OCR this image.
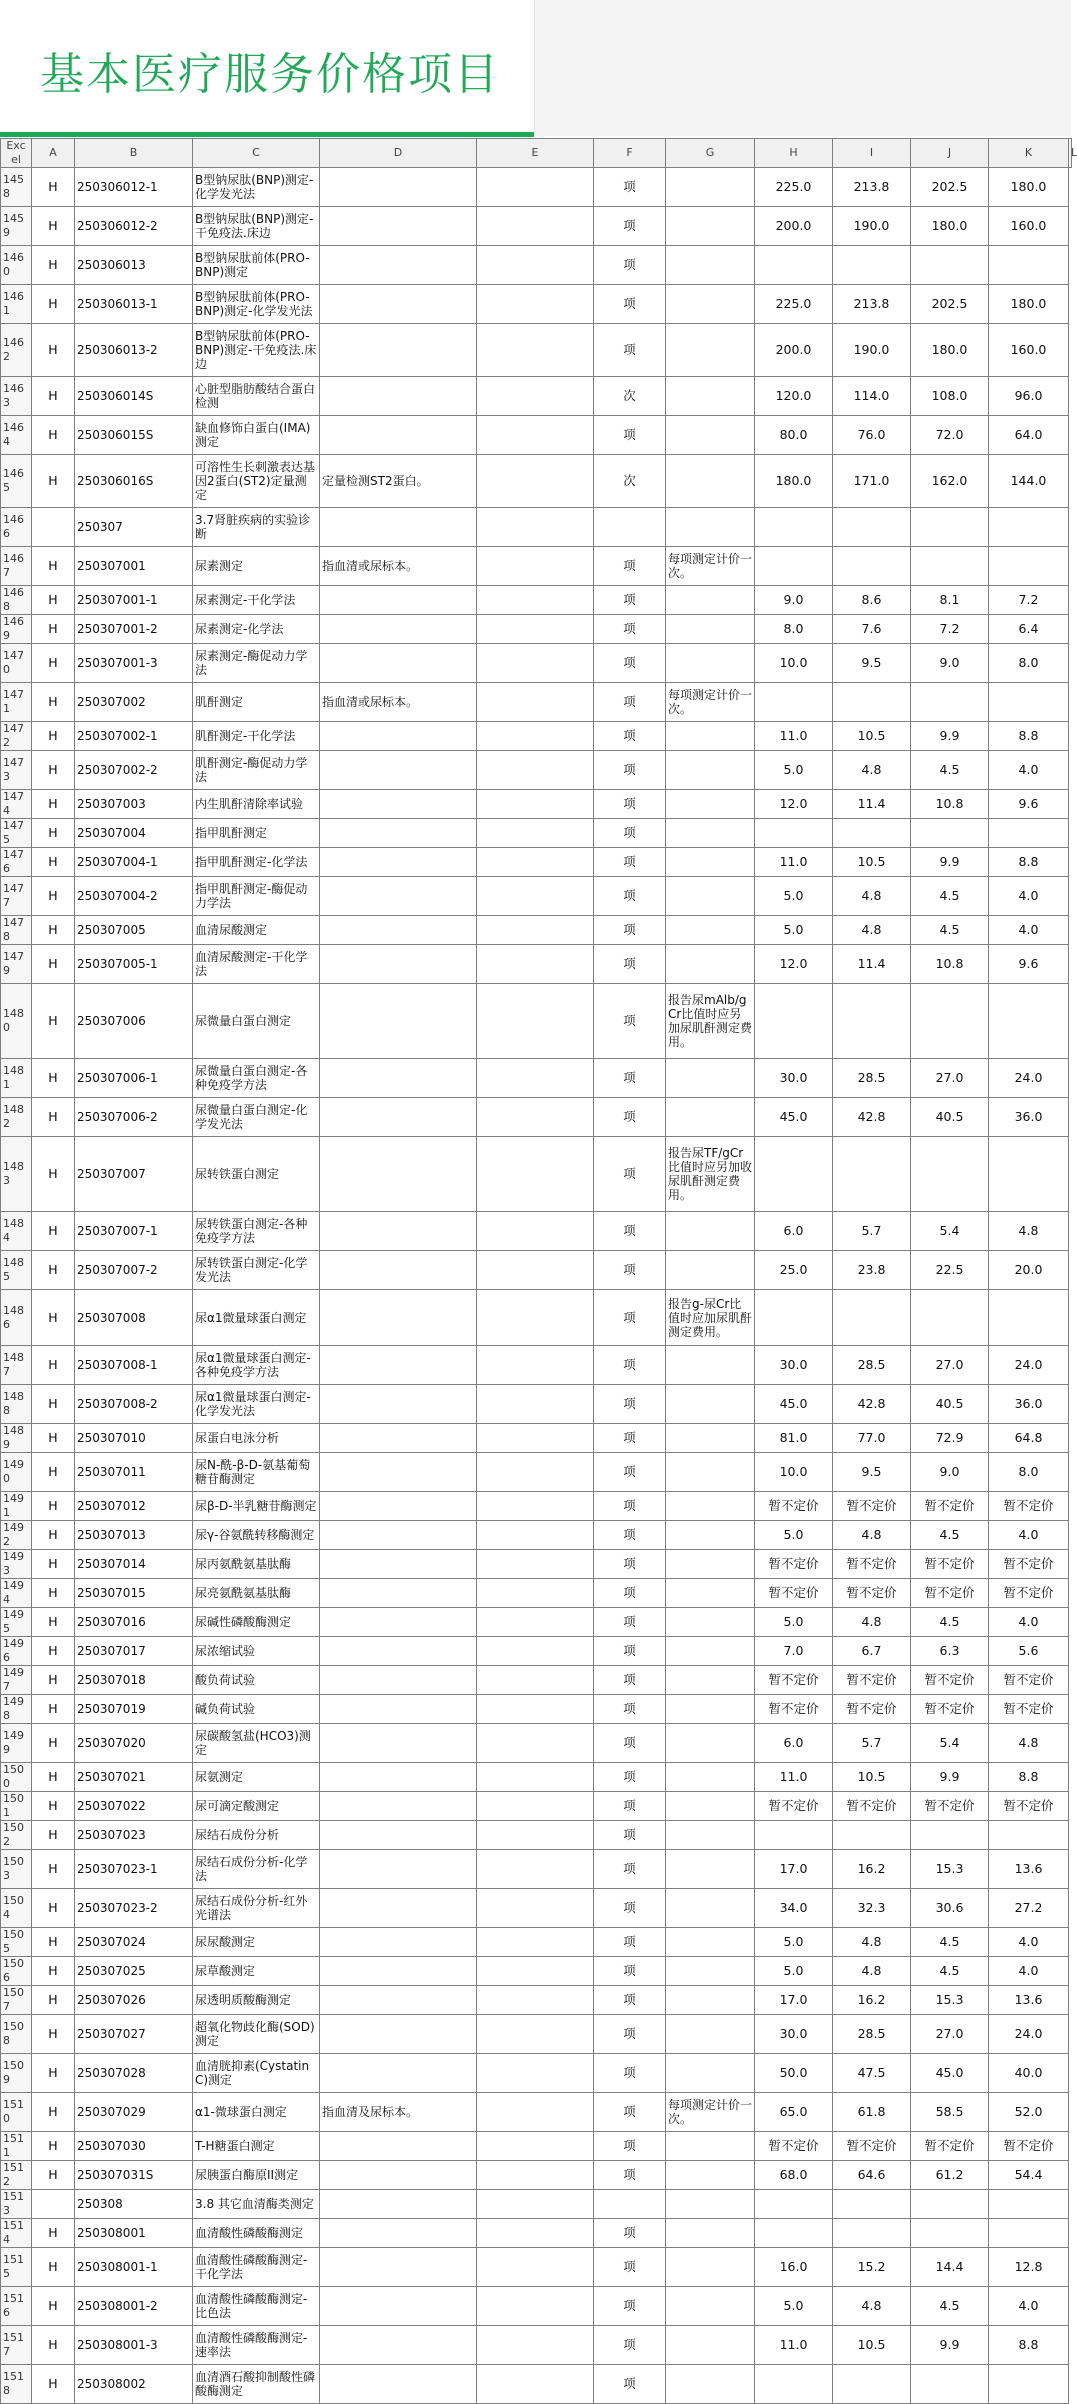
基本医疗服务价格项目
Excel	A	B	C	D	E	F	G	H	I	J	K	L
1458	H	250306012-1	B型钠尿肽(BNP)测定-化学发光法			项		225.0	213.8	202.5	180.0	
1459	H	250306012-2	B型钠尿肽(BNP)测定-干免疫法.床边			项		200.0	190.0	180.0	160.0	
1460	H	250306013	B型钠尿肽前体(PRO-BNP)测定			项						
1461	H	250306013-1	B型钠尿肽前体(PRO-BNP)测定-化学发光法			项		225.0	213.8	202.5	180.0	
1462	H	250306013-2	B型钠尿肽前体(PRO-BNP)测定-干免疫法.床边			项		200.0	190.0	180.0	160.0	
1463	H	250306014S	心脏型脂肪酸结合蛋白检测			次		120.0	114.0	108.0	96.0	
1464	H	250306015S	缺血修饰白蛋白(IMA)测定			项		80.0	76.0	72.0	64.0	
1465	H	250306016S	可溶性生长刺激表达基因2蛋白(ST2)定量测定	定量检测ST2蛋白。		次		180.0	171.0	162.0	144.0	
1466		250307	3.7肾脏疾病的实验诊断									
1467	H	250307001	尿素测定	指血清或尿标本。		项	每项测定计价一次。					
1468	H	250307001-1	尿素测定-干化学法			项		9.0	8.6	8.1	7.2	
1469	H	250307001-2	尿素测定-化学法			项		8.0	7.6	7.2	6.4	
1470	H	250307001-3	尿素测定-酶促动力学法			项		10.0	9.5	9.0	8.0	
1471	H	250307002	肌酐测定	指血清或尿标本。		项	每项测定计价一次。					
1472	H	250307002-1	肌酐测定-干化学法			项		11.0	10.5	9.9	8.8	
1473	H	250307002-2	肌酐测定-酶促动力学法			项		5.0	4.8	4.5	4.0	
1474	H	250307003	内生肌酐清除率试验			项		12.0	11.4	10.8	9.6	
1475	H	250307004	指甲肌酐测定			项						
1476	H	250307004-1	指甲肌酐测定-化学法			项		11.0	10.5	9.9	8.8	
1477	H	250307004-2	指甲肌酐测定-酶促动力学法			项		5.0	4.8	4.5	4.0	
1478	H	250307005	血清尿酸测定			项		5.0	4.8	4.5	4.0	
1479	H	250307005-1	血清尿酸测定-干化学法			项		12.0	11.4	10.8	9.6	
1480	H	250307006	尿微量白蛋白测定			项	报告尿mAlb/gCr比值时应另加尿肌酐测定费用。					
1481	H	250307006-1	尿微量白蛋白测定-各种免疫学方法			项		30.0	28.5	27.0	24.0	
1482	H	250307006-2	尿微量白蛋白测定-化学发光法			项		45.0	42.8	40.5	36.0	
1483	H	250307007	尿转铁蛋白测定			项	报告尿TF/gCr比值时应另加收尿肌酐测定费用。					
1484	H	250307007-1	尿转铁蛋白测定-各种免疫学方法			项		6.0	5.7	5.4	4.8	
1485	H	250307007-2	尿转铁蛋白测定-化学发光法			项		25.0	23.8	22.5	20.0	
1486	H	250307008	尿α1微量球蛋白测定			项	报告g-尿Cr比值时应加尿肌酐测定费用。					
1487	H	250307008-1	尿α1微量球蛋白测定-各种免疫学方法			项		30.0	28.5	27.0	24.0	
1488	H	250307008-2	尿α1微量球蛋白测定-化学发光法			项		45.0	42.8	40.5	36.0	
1489	H	250307010	尿蛋白电泳分析			项		81.0	77.0	72.9	64.8	
1490	H	250307011	尿N-酰-β-D-氨基葡萄糖苷酶测定			项		10.0	9.5	9.0	8.0	
1491	H	250307012	尿β-D-半乳糖苷酶测定			项		暂不定价	暂不定价	暂不定价	暂不定价	
1492	H	250307013	尿γ-谷氨酰转移酶测定			项		5.0	4.8	4.5	4.0	
1493	H	250307014	尿丙氨酰氨基肽酶			项		暂不定价	暂不定价	暂不定价	暂不定价	
1494	H	250307015	尿亮氨酰氨基肽酶			项		暂不定价	暂不定价	暂不定价	暂不定价	
1495	H	250307016	尿碱性磷酸酶测定			项		5.0	4.8	4.5	4.0	
1496	H	250307017	尿浓缩试验			项		7.0	6.7	6.3	5.6	
1497	H	250307018	酸负荷试验			项		暂不定价	暂不定价	暂不定价	暂不定价	
1498	H	250307019	碱负荷试验			项		暂不定价	暂不定价	暂不定价	暂不定价	
1499	H	250307020	尿碳酸氢盐(HCO3)测定			项		6.0	5.7	5.4	4.8	
1500	H	250307021	尿氨测定			项		11.0	10.5	9.9	8.8	
1501	H	250307022	尿可滴定酸测定			项		暂不定价	暂不定价	暂不定价	暂不定价	
1502	H	250307023	尿结石成份分析			项						
1503	H	250307023-1	尿结石成份分析-化学法			项		17.0	16.2	15.3	13.6	
1504	H	250307023-2	尿结石成份分析-红外光谱法			项		34.0	32.3	30.6	27.2	
1505	H	250307024	尿尿酸测定			项		5.0	4.8	4.5	4.0	
1506	H	250307025	尿草酸测定			项		5.0	4.8	4.5	4.0	
1507	H	250307026	尿透明质酸酶测定			项		17.0	16.2	15.3	13.6	
1508	H	250307027	超氧化物歧化酶(SOD)测定			项		30.0	28.5	27.0	24.0	
1509	H	250307028	血清胱抑素(Cystatin C)测定			项		50.0	47.5	45.0	40.0	
1510	H	250307029	α1-微球蛋白测定	指血清及尿标本。		项	每项测定计价一次。	65.0	61.8	58.5	52.0	
1511	H	250307030	T-H糖蛋白测定			项		暂不定价	暂不定价	暂不定价	暂不定价	
1512	H	250307031S	尿胰蛋白酶原II测定			项		68.0	64.6	61.2	54.4	
1513		250308	3.8 其它血清酶类测定									
1514	H	250308001	血清酸性磷酸酶测定			项						
1515	H	250308001-1	血清酸性磷酸酶测定-干化学法			项		16.0	15.2	14.4	12.8	
1516	H	250308001-2	血清酸性磷酸酶测定-比色法			项		5.0	4.8	4.5	4.0	
1517	H	250308001-3	血清酸性磷酸酶测定-速率法			项		11.0	10.5	9.9	8.8	
1518	H	250308002	血清酒石酸抑制酸性磷酸酶测定			项						
